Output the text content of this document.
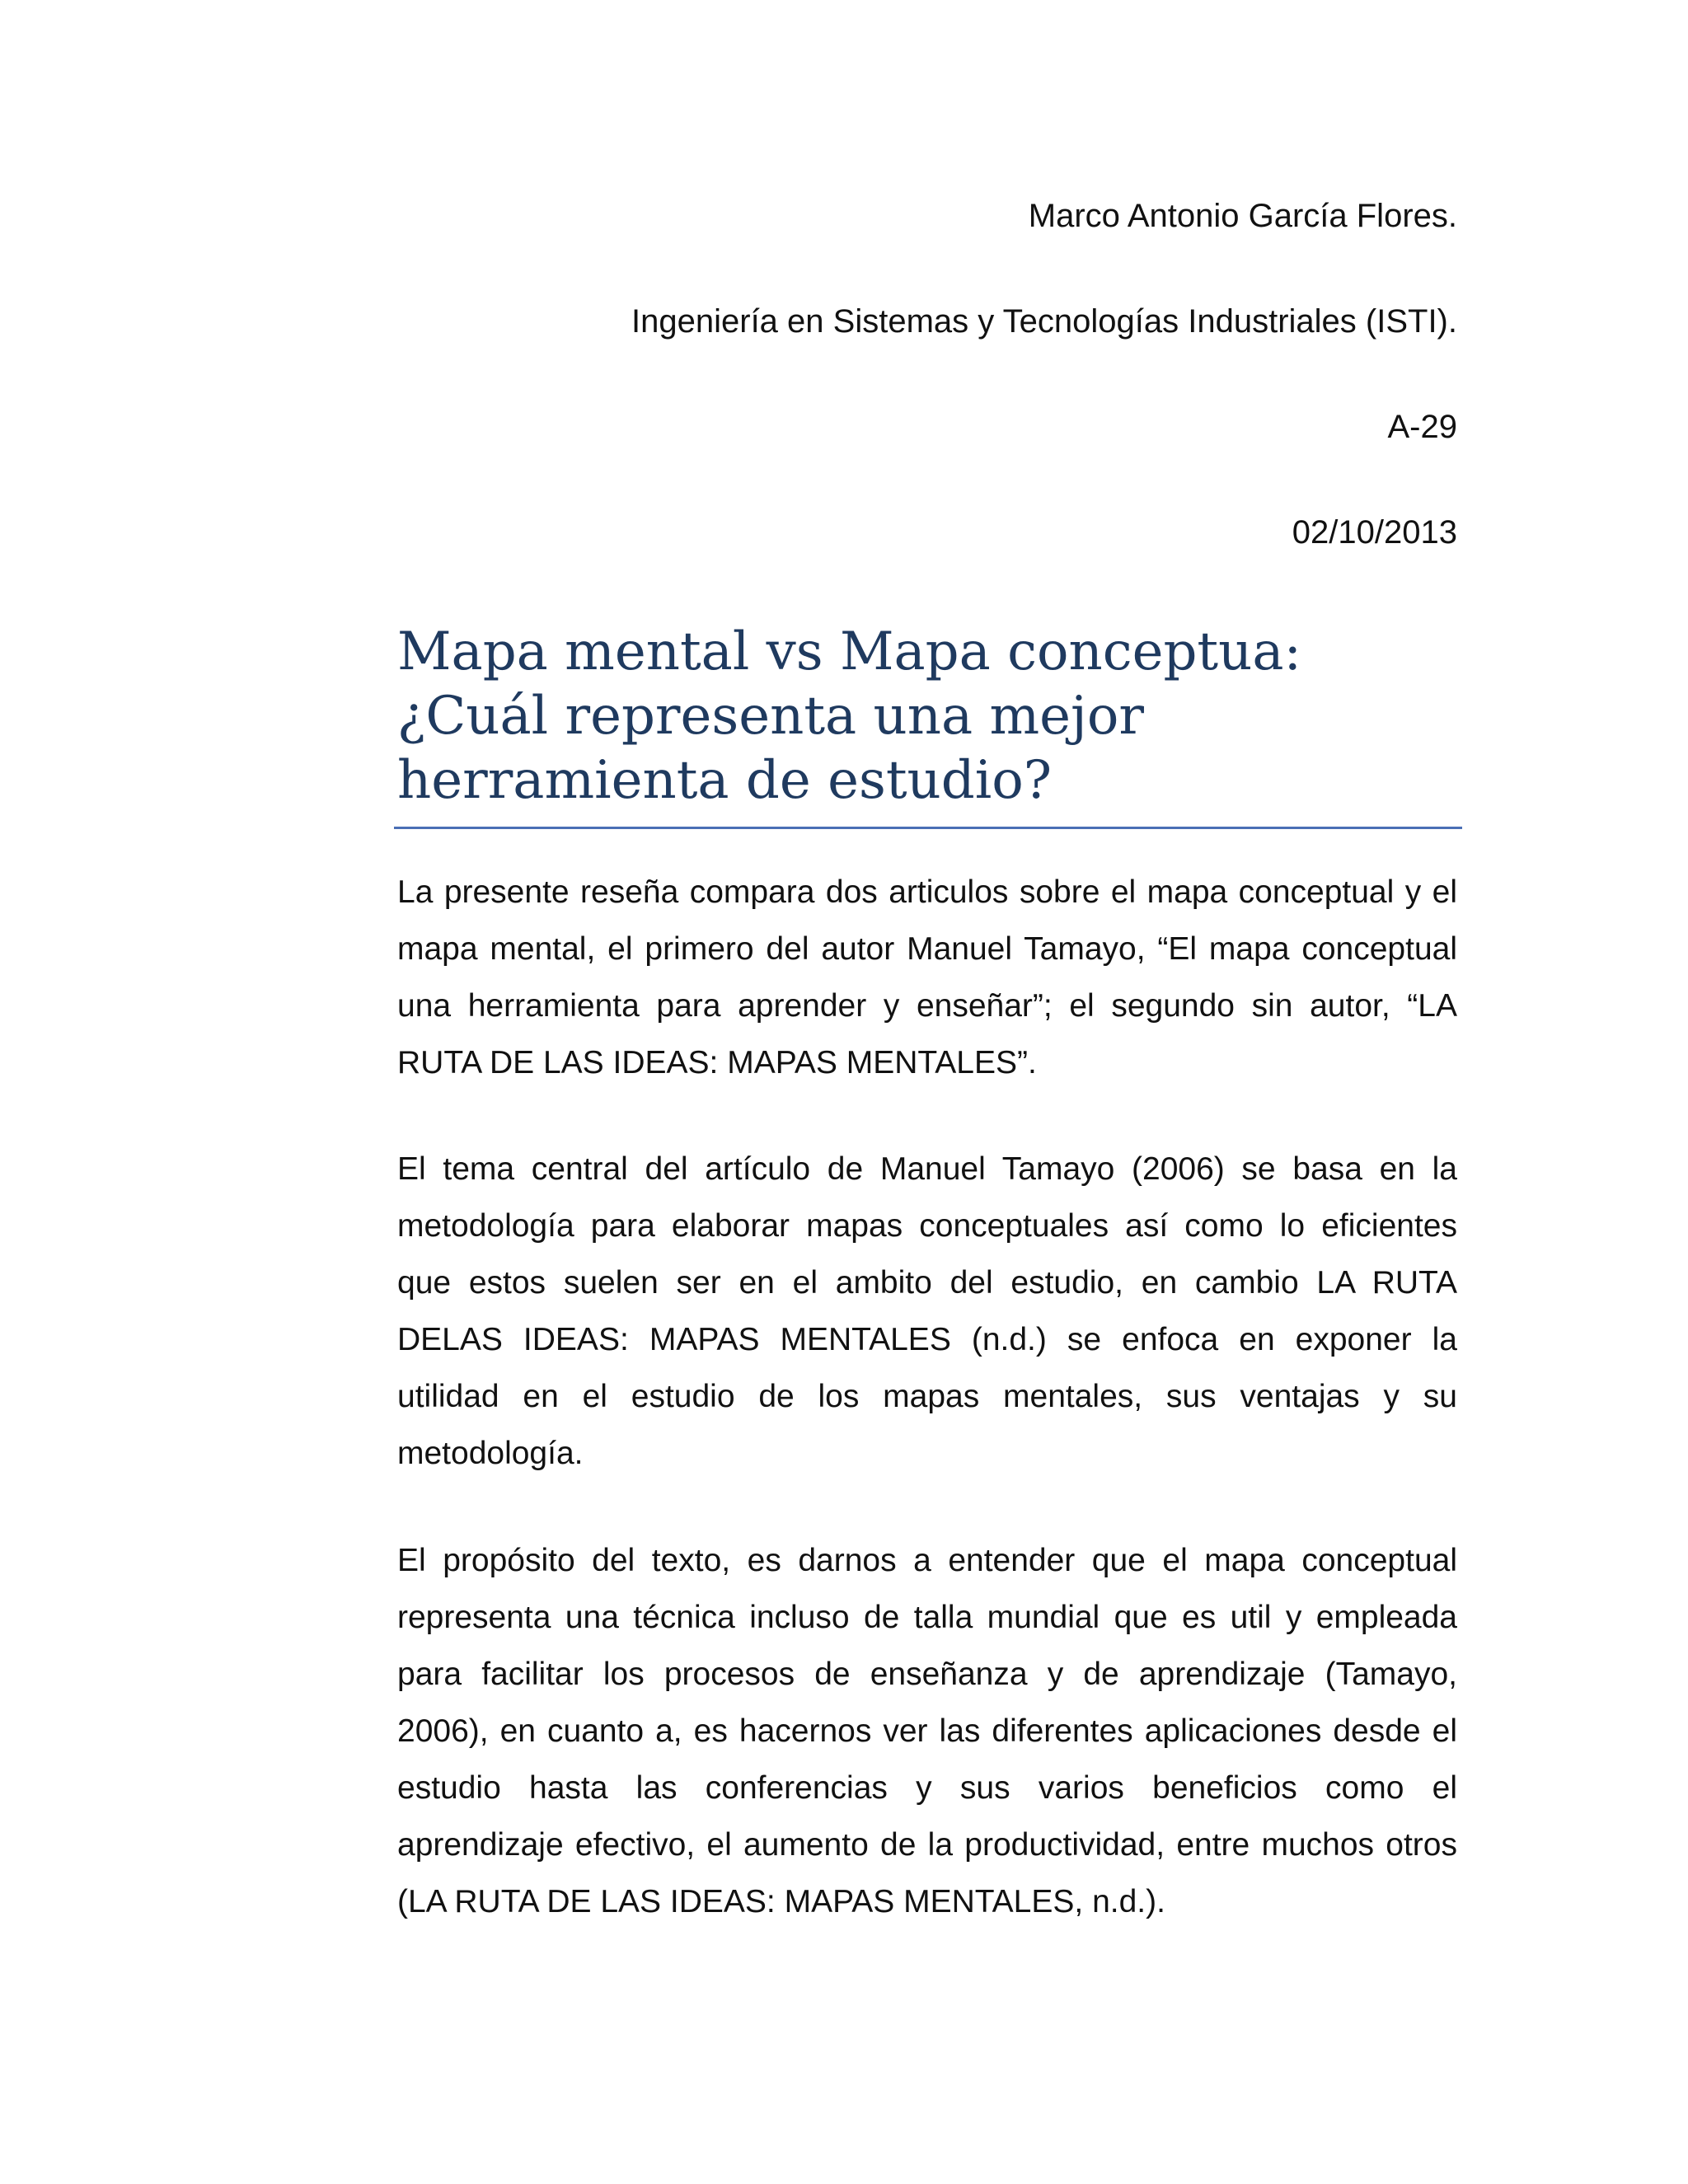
Marco Antonio García Flores.
Ingeniería en Sistemas y Tecnologías Industriales (ISTI).
A-29
02/10/2013
Mapa mental vs Mapa conceptua: ¿Cuál representa una mejor herramienta de estudio?

La presente reseña compara dos articulos sobre el mapa conceptual y el mapa mental, el primero del autor Manuel Tamayo, “El mapa conceptual una herramienta para aprender y enseñar”; el segundo sin autor, “LA RUTA DE LAS IDEAS: MAPAS MENTALES”.

El tema central del artículo de Manuel Tamayo (2006) se basa en la metodología para elaborar mapas conceptuales así como lo eficientes que estos suelen ser en el ambito del estudio, en cambio LA RUTA DELAS IDEAS: MAPAS MENTALES (n.d.) se enfoca en exponer la utilidad en el estudio de los mapas mentales, sus ventajas y su metodología.

El propósito del texto, es darnos a entender que el mapa conceptual representa una técnica incluso de talla mundial que es util y empleada para facilitar los procesos de enseñanza y de aprendizaje (Tamayo, 2006), en cuanto a, es hacernos ver las diferentes aplicaciones desde el estudio hasta las conferencias y sus varios beneficios como el aprendizaje efectivo, el aumento de la productividad, entre muchos otros (LA RUTA DE LAS IDEAS: MAPAS MENTALES, n.d.).
